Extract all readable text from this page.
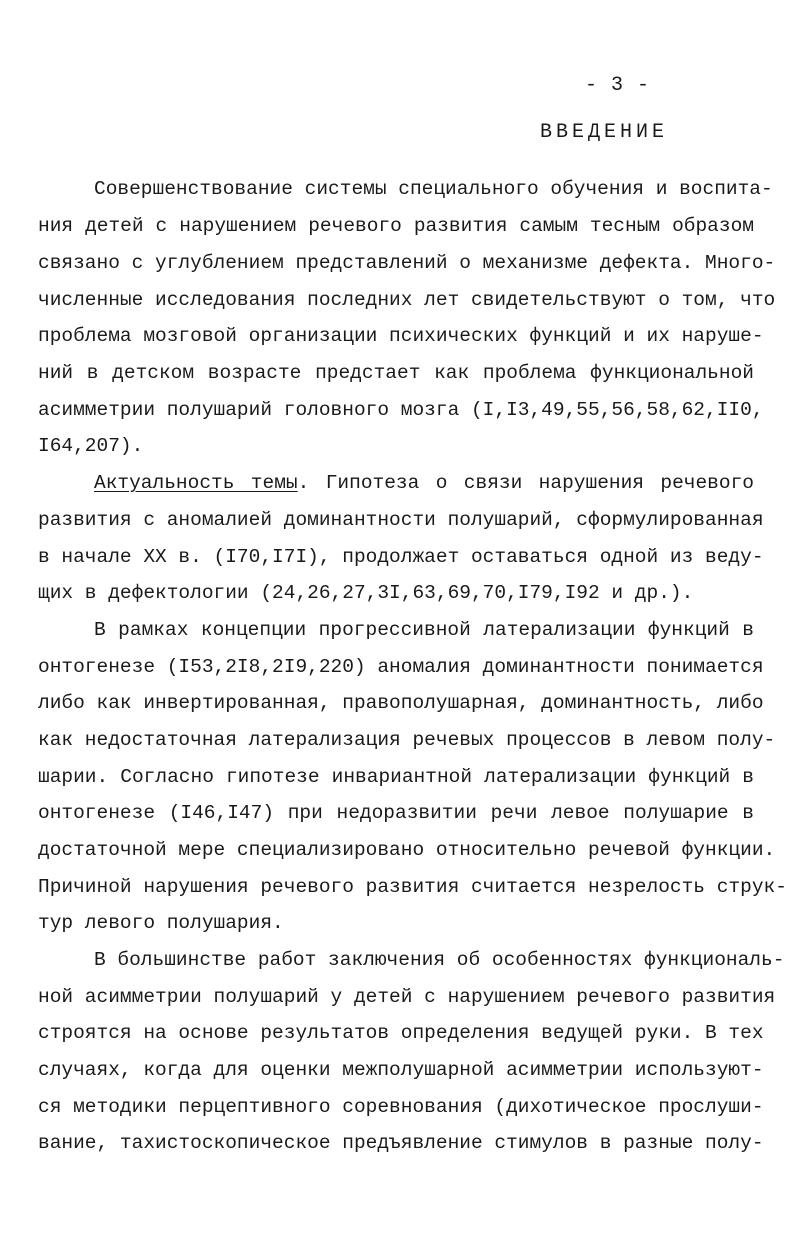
- 3 -
ВВЕДЕНИЕ
Совершенствование системы специального обучения и воспита-
ния детей с нарушением речевого развития самым тесным образом
связано с углублением представлений о механизме дефекта. Много-
численные исследования последних лет свидетельствуют о том, что
проблема мозговой организации психических функций и их наруше-
ний в детском возрасте предстает как проблема функциональной
асимметрии полушарий головного мозга (I,I3,49,55,56,58,62,II0,
I64,207).
Актуальность темы. Гипотеза о связи нарушения речевого
развития с аномалией доминантности полушарий, сформулированная
в начале XX в. (I70,I7I), продолжает оставаться одной из веду-
щих в дефектологии (24,26,27,3I,63,69,70,I79,I92 и др.).
В рамках концепции прогрессивной латерализации функций в
онтогенезе (I53,2I8,2I9,220) аномалия доминантности понимается
либо как инвертированная, правополушарная, доминантность, либо
как недостаточная латерализация речевых процессов в левом полу-
шарии. Согласно гипотезе инвариантной латерализации функций в
онтогенезе (I46,I47) при недоразвитии речи левое полушарие в
достаточной мере специализировано относительно речевой функции.
Причиной нарушения речевого развития считается незрелость струк-
тур левого полушария.
В большинстве работ заключения об особенностях функциональ-
ной асимметрии полушарий у детей с нарушением речевого развития
строятся на основе результатов определения ведущей руки. В тех
случаях, когда для оценки межполушарной асимметрии используют-
ся методики перцептивного соревнования (дихотическое прослуши-
вание, тахистоскопическое предъявление стимулов в разные полу-
